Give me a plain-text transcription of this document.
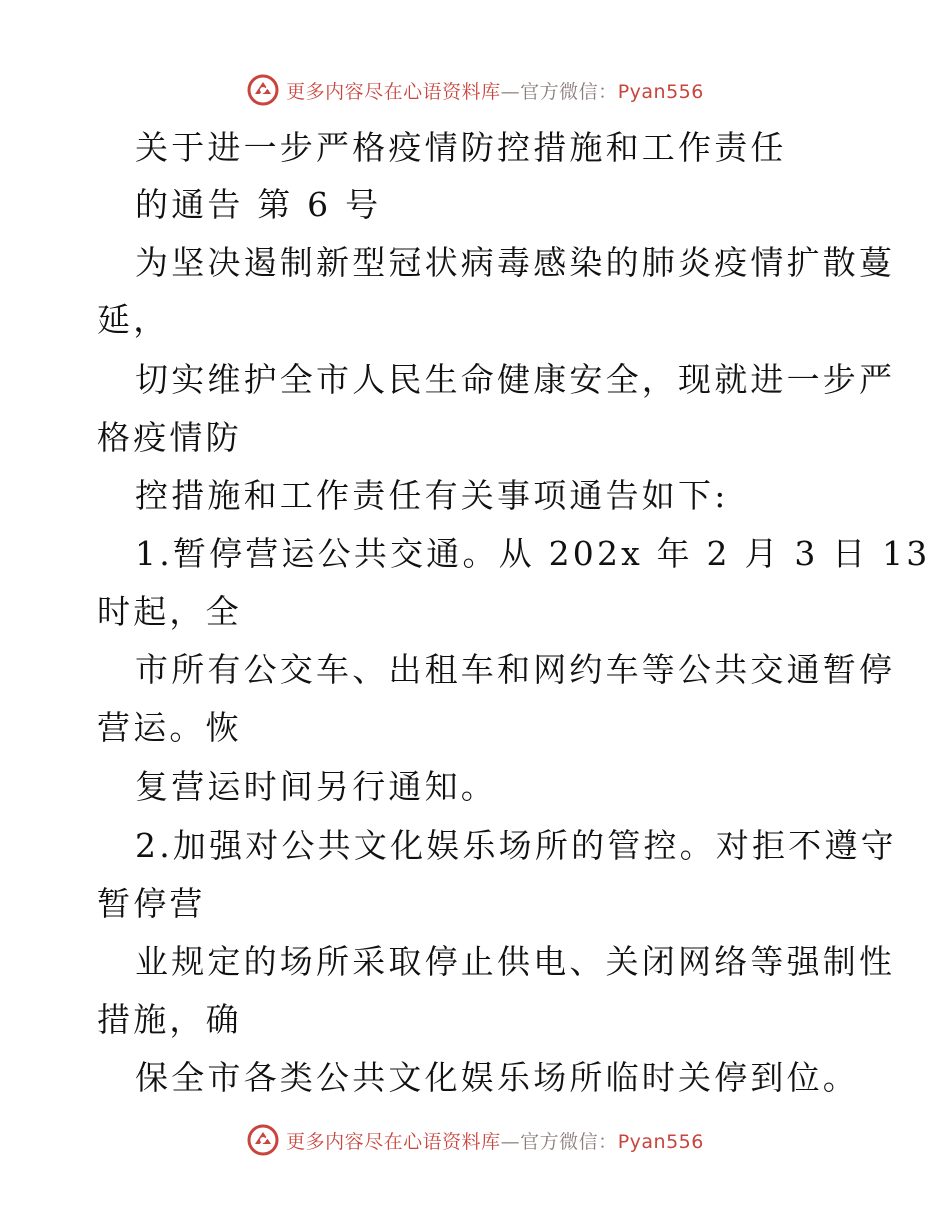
更多内容尽在心语资料库—官方微信：Pyan556
关于进一步严格疫情防控措施和工作责任
的通告 第 6 号
为坚决遏制新型冠状病毒感染的肺炎疫情扩散蔓
延，
切实维护全市人民生命健康安全，现就进一步严
格疫情防
控措施和工作责任有关事项通告如下:
1.暂停营运公共交通。从 202x 年 2 月 3 日 13
时起，全
市所有公交车、出租车和网约车等公共交通暂停
营运。恢
复营运时间另行通知。
2.加强对公共文化娱乐场所的管控。对拒不遵守
暂停营
业规定的场所采取停止供电、关闭网络等强制性
措施，确
保全市各类公共文化娱乐场所临时关停到位。
更多内容尽在心语资料库—官方微信：Pyan556
